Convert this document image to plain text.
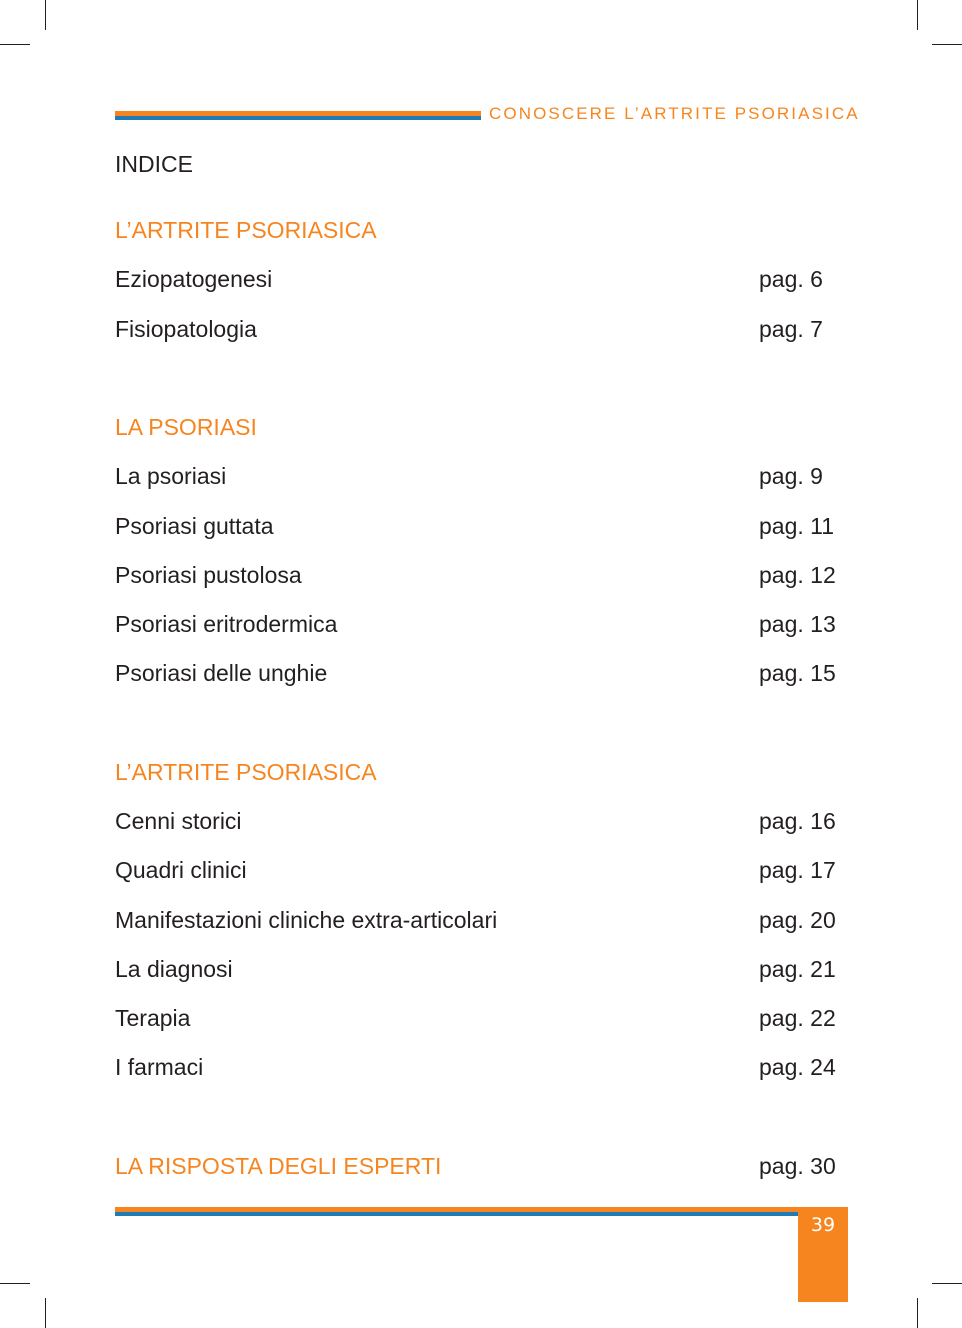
CONOSCERE L’ARTRITE PSORIASICA
INDICE
L’ARTRITE PSORIASICA
Eziopatogenesi	pag. 6
Fisiopatologia	pag. 7
LA PSORIASI
La psoriasi	pag. 9
Psoriasi guttata	pag. 11
Psoriasi pustolosa	pag. 12
Psoriasi eritrodermica	pag. 13
Psoriasi delle unghie	pag. 15
L’ARTRITE PSORIASICA
Cenni storici	pag. 16
Quadri clinici	pag. 17
Manifestazioni cliniche extra-articolari	pag. 20
La diagnosi	pag. 21
Terapia	pag. 22
I farmaci	pag. 24
LA RISPOSTA DEGLI ESPERTI	pag. 30
39
